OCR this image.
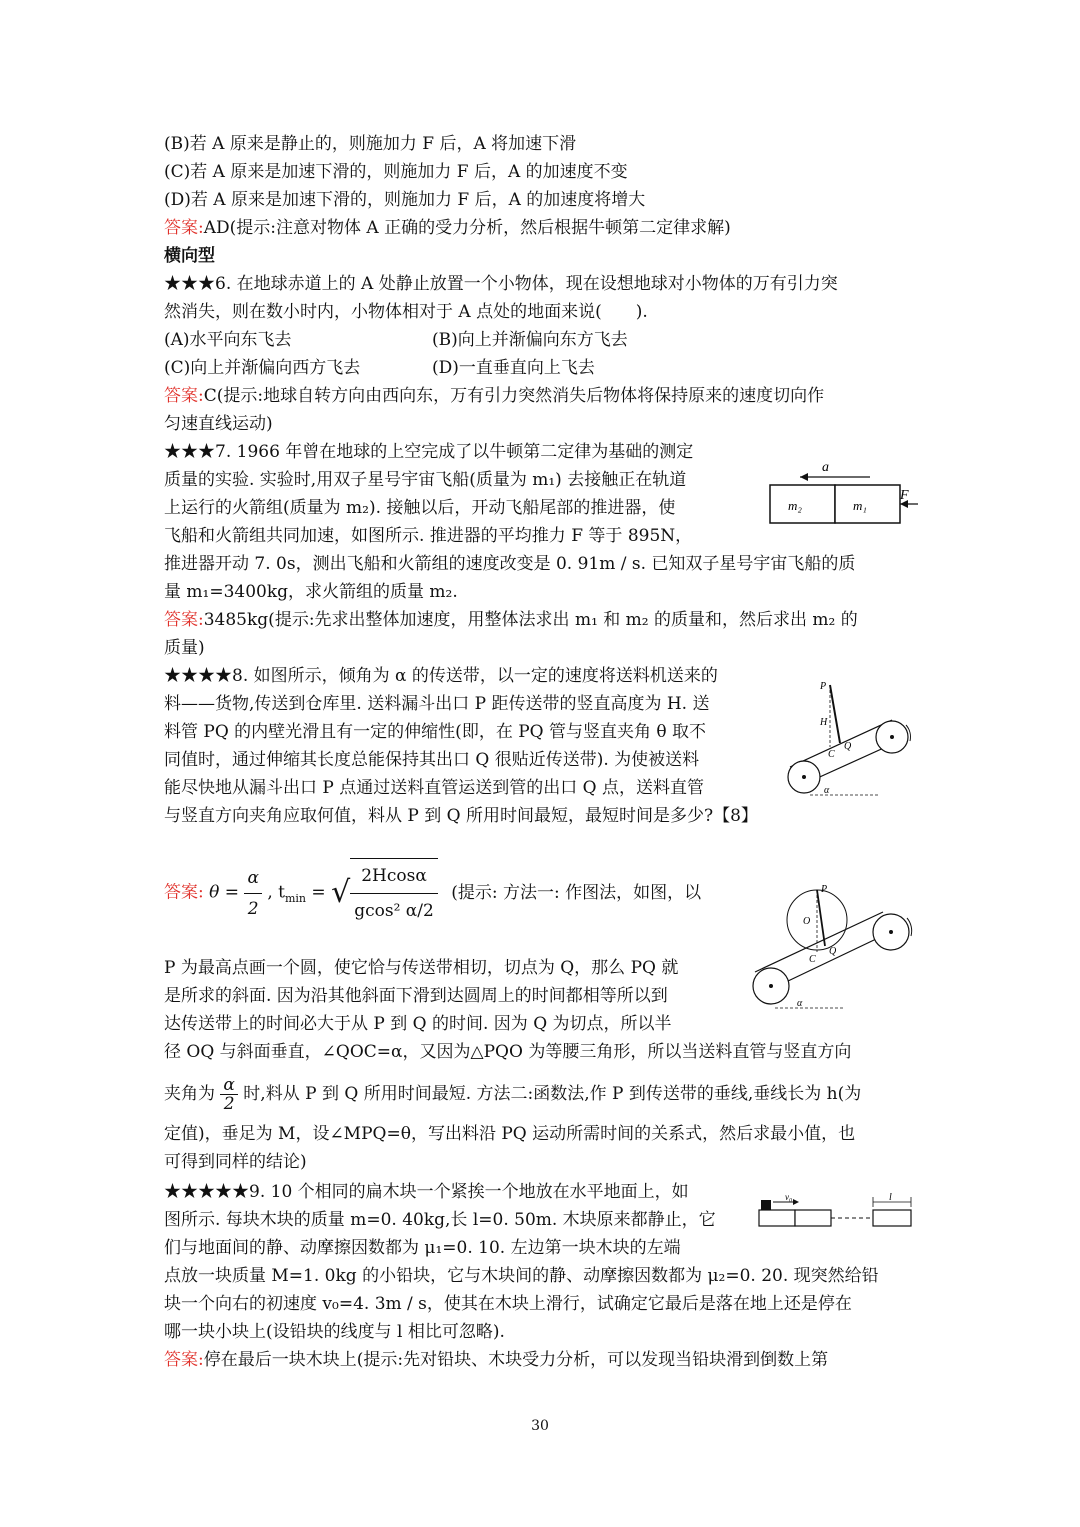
(B)若 A 原来是静止的，则施加力 F 后，A 将加速下滑
(C)若 A 原来是加速下滑的，则施加力 F 后，A 的加速度不变
(D)若 A 原来是加速下滑的，则施加力 F 后，A 的加速度将增大
答案:AD(提示:注意对物体 A 正确的受力分析，然后根据牛顿第二定律求解)
横向型
★★★6. 在地球赤道上的 A 处静止放置一个小物体，现在设想地球对小物体的万有引力突
然消失，则在数小时内，小物体相对于 A 点处的地面来说(　　).
(A)水平向东飞去	(B)向上并渐偏向东方飞去
(C)向上并渐偏向西方飞去	(D)一直垂直向上飞去
答案:C(提示:地球自转方向由西向东，万有引力突然消失后物体将保持原来的速度切向作
匀速直线运动)
★★★7. 1966 年曾在地球的上空完成了以牛顿第二定律为基础的测定
质量的实验. 实验时,用双子星号宇宙飞船(质量为 m₁) 去接触正在轨道
上运行的火箭组(质量为 m₂). 接触以后，开动飞船尾部的推进器，使
飞船和火箭组共同加速，如图所示. 推进器的平均推力 F 等于 895N，
推进器开动 7. 0s，测出飞船和火箭组的速度改变是 0. 91m / s. 已知双子星号宇宙飞船的质
量 m₁=3400kg，求火箭组的质量 m₂.
答案:3485kg(提示:先求出整体加速度，用整体法求出 m₁ 和 m₂ 的质量和，然后求出 m₂ 的
质量)
★★★★8. 如图所示，倾角为 α 的传送带，以一定的速度将送料机送来的
料——货物,传送到仓库里. 送料漏斗出口 P 距传送带的竖直高度为 H. 送
料管 PQ 的内壁光滑且有一定的伸缩性(即，在 PQ 管与竖直夹角 θ 取不
同值时，通过伸缩其长度总能保持其出口 Q 很贴近传送带). 为使被送料
能尽快地从漏斗出口 P 点通过送料直管运送到管的出口 Q 点，送料直管
与竖直方向夹角应取何值，料从 P 到 Q 所用时间最短，最短时间是多少?【8】
答案: $\theta = \frac{\alpha}{2}$ , $t_{min}$ = √ $\frac{2Hcos\alpha}{\text{gcos² α/2}}$ (提示: 方法一: 作图法，如图，以
P 为最高点画一个圆，使它恰与传送带相切，切点为 Q，那么 PQ 就
是所求的斜面. 因为沿其他斜面下滑到达圆周上的时间都相等所以到
达传送带上的时间必大于从 P 到 Q 的时间. 因为 Q 为切点，所以半
径 OQ 与斜面垂直，∠QOC=α，又因为△PQO 为等腰三角形，所以当送料直管与竖直方向
夹角为 $\frac{\alpha}{2}$ 时,料从 P 到 Q 所用时间最短. 方法二:函数法,作 P 到传送带的垂线,垂线长为 h(为
定值)，垂足为 M，设∠MPQ=θ，写出料沿 PQ 运动所需时间的关系式，然后求最小值，也
可得到同样的结论)
★★★★★9. 10 个相同的扁木块一个紧挨一个地放在水平地面上，如
图所示. 每块木块的质量 m=0. 40kg,长 l=0. 50m. 木块原来都静止，它
们与地面间的静、动摩擦因数都为 μ₁=0. 10. 左边第一块木块的左端
点放一块质量 M=1. 0kg 的小铅块，它与木块间的静、动摩擦因数都为 μ₂=0. 20. 现突然给铅
块一个向右的初速度 v₀=4. 3m / s，使其在木块上滑行，试确定它最后是落在地上还是停在
哪一块小块上(设铅块的线度与 l 相比可忽略).
答案:停在最后一块木块上(提示:先对铅块、木块受力分析，可以发现当铅块滑到倒数上第
a
m₂	m₁
F
P
H
C
Q
α
P
O
C
Q
α
v₀	l
30
